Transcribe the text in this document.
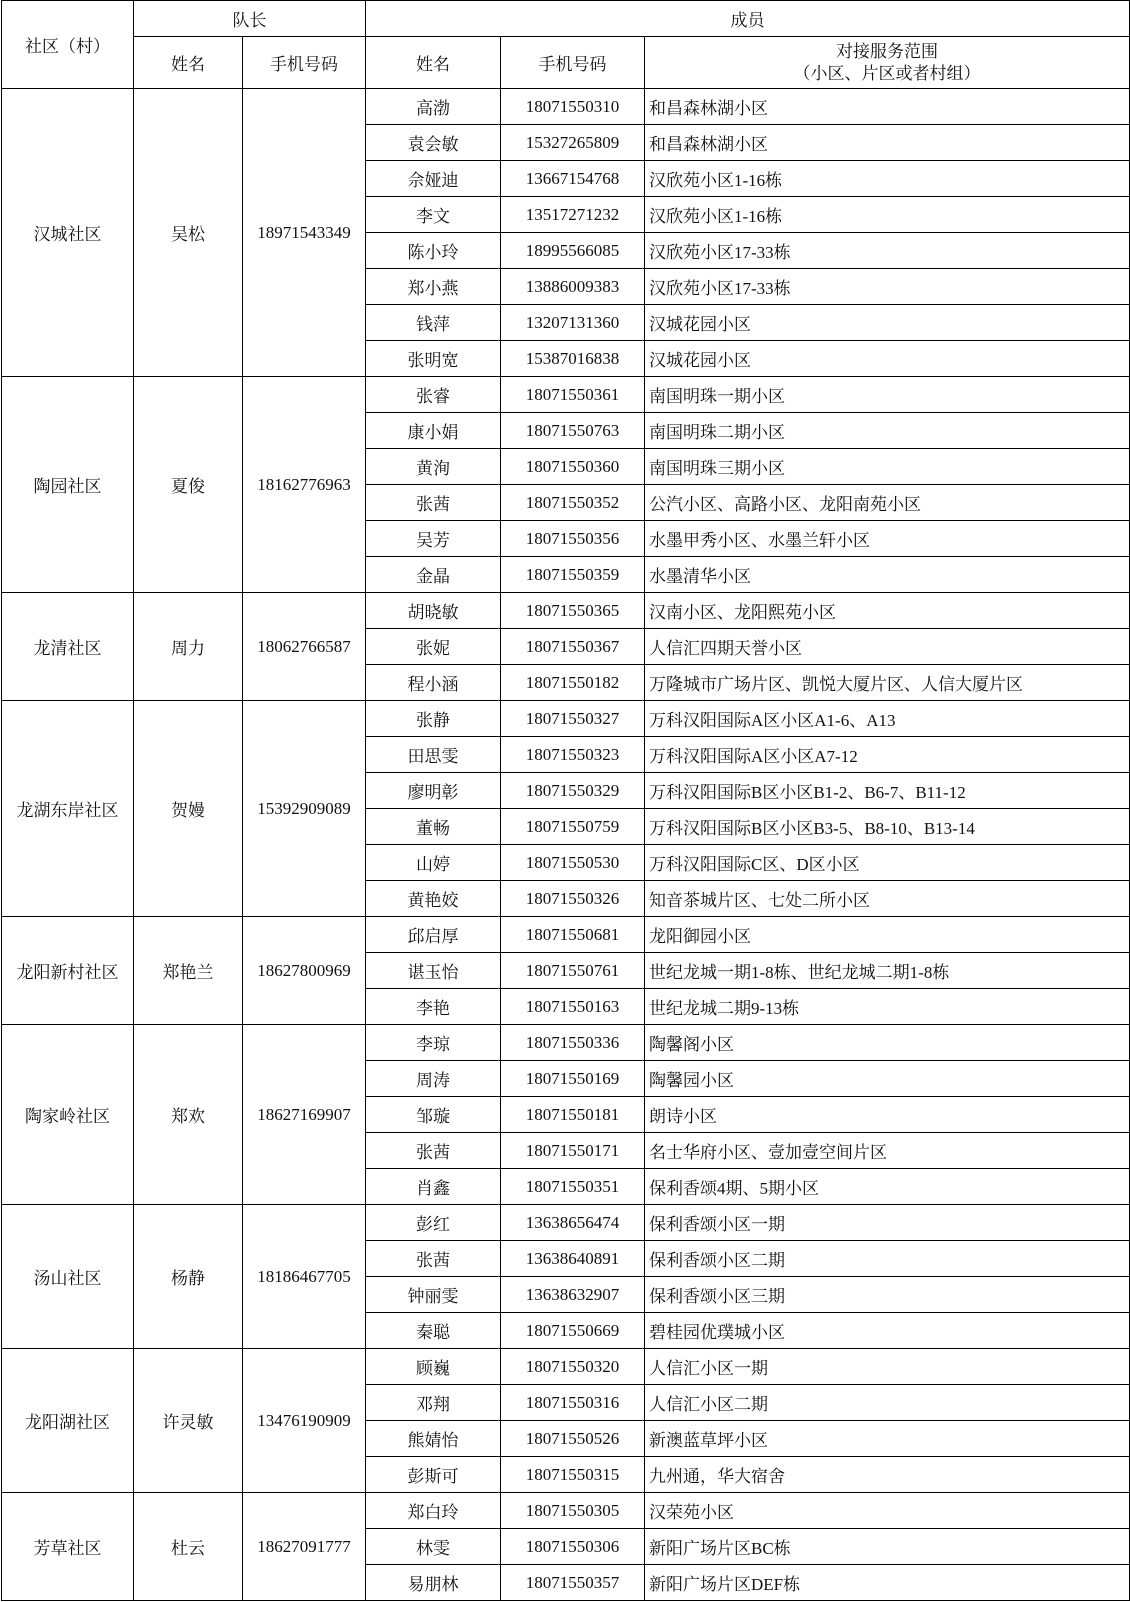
社区（村）	队长		成员		
	姓名	手机号码	姓名	手机号码	对接服务范围
（小区、片区或者村组）

汉城社区	吴松	18971543349	高渤	18071550310	和昌森林湖小区
			袁会敏	15327265809	和昌森林湖小区
			佘娅迪	13667154768	汉欣苑小区1-16栋
			李文	13517271232	汉欣苑小区1-16栋
			陈小玲	18995566085	汉欣苑小区17-33栋
			郑小燕	13886009383	汉欣苑小区17-33栋
			钱萍	13207131360	汉城花园小区
			张明宽	15387016838	汉城花园小区
陶园社区	夏俊	18162776963	张睿	18071550361	南国明珠一期小区
			康小娟	18071550763	南国明珠二期小区
			黄洵	18071550360	南国明珠三期小区
			张茜	18071550352	公汽小区、高路小区、龙阳南苑小区
			吴芳	18071550356	水墨甲秀小区、水墨兰轩小区
			金晶	18071550359	水墨清华小区
龙清社区	周力	18062766587	胡晓敏	18071550365	汉南小区、龙阳熙苑小区
			张妮	18071550367	人信汇四期天誉小区
			程小涵	18071550182	万隆城市广场片区、凯悦大厦片区、人信大厦片区
龙湖东岸社区	贺嫚	15392909089	张静	18071550327	万科汉阳国际A区小区A1-6、A13
			田思雯	18071550323	万科汉阳国际A区小区A7-12
			廖明彰	18071550329	万科汉阳国际B区小区B1-2、B6-7、B11-12
			董畅	18071550759	万科汉阳国际B区小区B3-5、B8-10、B13-14
			山婷	18071550530	万科汉阳国际C区、D区小区
			黄艳姣	18071550326	知音茶城片区、七处二所小区
龙阳新村社区	郑艳兰	18627800969	邱启厚	18071550681	龙阳御园小区
			谌玉怡	18071550761	世纪龙城一期1-8栋、世纪龙城二期1-8栋
			李艳	18071550163	世纪龙城二期9-13栋
陶家岭社区	郑欢	18627169907	李琼	18071550336	陶馨阁小区
			周涛	18071550169	陶馨园小区
			邹璇	18071550181	朗诗小区
			张茜	18071550171	名士华府小区、壹加壹空间片区
			肖鑫	18071550351	保利香颂4期、5期小区
汤山社区	杨静	18186467705	彭红	13638656474	保利香颂小区一期
			张茜	13638640891	保利香颂小区二期
			钟丽雯	13638632907	保利香颂小区三期
			秦聪	18071550669	碧桂园优璞城小区
龙阳湖社区	许灵敏	13476190909	顾巍	18071550320	人信汇小区一期
			邓翔	18071550316	人信汇小区二期
			熊婧怡	18071550526	新澳蓝草坪小区
			彭斯可	18071550315	九州通，华大宿舍
芳草社区	杜云	18627091777	郑白玲	18071550305	汉荣苑小区
			林雯	18071550306	新阳广场片区BC栋
			易朋林	18071550357	新阳广场片区DEF栋
